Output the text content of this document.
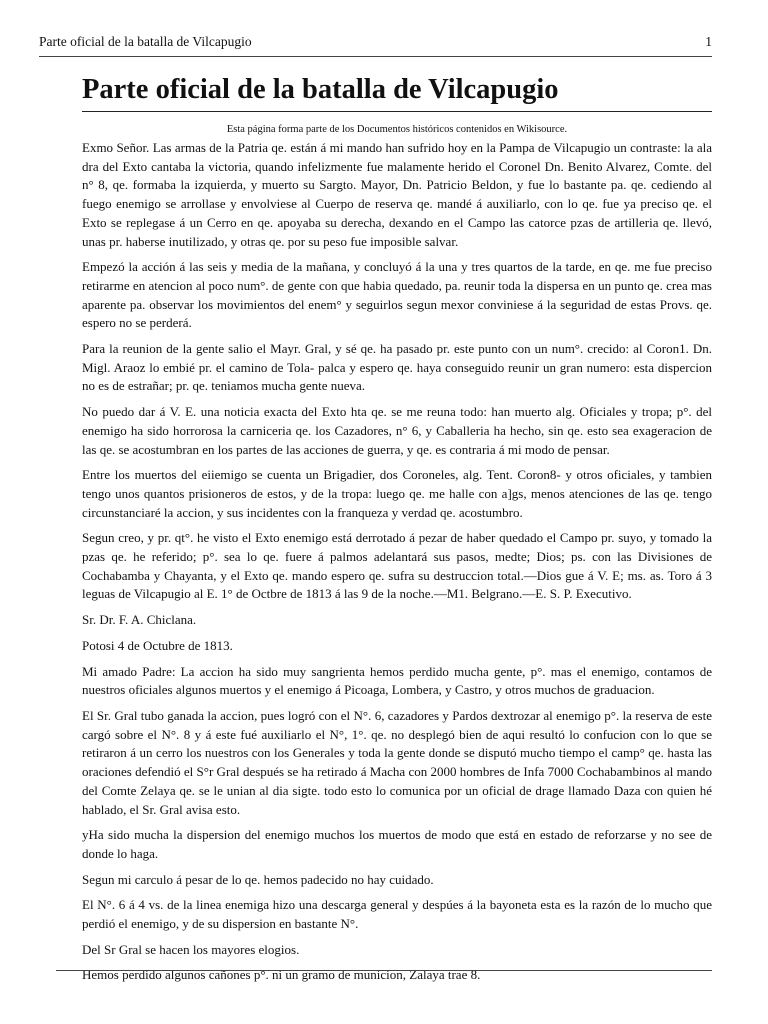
Parte oficial de la batalla de Vilcapugio	1
Parte oficial de la batalla de Vilcapugio
Esta página forma parte de los Documentos históricos contenidos en Wikisource.

Exmo Señor. Las armas de la Patria qe. están á mi mando han sufrido hoy en la Pampa de Vilcapugio un contraste: la ala dra del Exto cantaba la victoria, quando infelizmente fue malamente herido el Coronel Dn. Benito Alvarez, Comte. del n° 8, qe. formaba la izquierda, y muerto su Sargto. Mayor, Dn. Patricio Beldon, y fue lo bastante pa. qe. cediendo al fuego enemigo se arrollase y envolviese al Cuerpo de reserva qe. mandé á auxiliarlo, con lo qe. fue ya preciso qe. el Exto se replegase á un Cerro en qe. apoyaba su derecha, dexando en el Campo las catorce pzas de artilleria qe. llevó, unas pr. haberse inutilizado, y otras qe. por su peso fue imposible salvar.

Empezó la acción á las seis y media de la mañana, y concluyó á la una y tres quartos de la tarde, en qe. me fue preciso retirarme en atencion al poco num°. de gente con que habia quedado, pa. reunir toda la dispersa en un punto qe. crea mas aparente pa. observar los movimientos del enem° y seguirlos segun mexor conviniese á la seguridad de estas Provs. qe. espero no se perderá.

Para la reunion de la gente salio el Mayr. Gral, y sé qe. ha pasado pr. este punto con un num°. crecido: al Coron1. Dn. Migl. Araoz lo embié pr. el camino de Tola- palca y espero qe. haya conseguido reunir un gran numero: esta dispercion no es de estrañar; pr. qe. teniamos mucha gente nueva.

No puedo dar á V. E. una noticia exacta del Exto hta qe. se me reuna todo: han muerto alg. Oficiales y tropa; p°. del enemigo ha sido horrorosa la carniceria qe. los Cazadores, n° 6, y Caballeria ha hecho, sin qe. esto sea exageracion de las qe. se acostumbran en los partes de las acciones de guerra, y qe. es contraria á mi modo de pensar.

Entre los muertos del eiiemigo se cuenta un Brigadier, dos Coroneles, alg. Tent. Coron8- y otros oficiales, y tambien tengo unos quantos prisioneros de estos, y de la tropa: luego qe. me halle con a]gs, menos atenciones de las qe. tengo circunstanciaré la accion, y sus incidentes con la franqueza y verdad qe. acostumbro.

Segun creo, y pr. qt°. he visto el Exto enemigo está derrotado á pezar de haber quedado el Campo pr. suyo, y tomado la pzas qe. he referido; p°. sea lo qe. fuere á palmos adelantará sus pasos, medte; Dios; ps. con las Divisiones de Cochabamba y Chayanta, y el Exto qe. mando espero qe. sufra su destruccion total.—Dios gue á V. E; ms. as. Toro á 3 leguas de Vilcapugio al E. 1° de Octbre de 1813 á las 9 de la noche.—M1. Belgrano.—E. S. P. Executivo.

Sr. Dr. F. A. Chiclana.

Potosi 4 de Octubre de 1813.

Mi amado Padre: La accion ha sido muy sangrienta hemos perdido mucha gente, p°. mas el enemigo, contamos de nuestros oficiales algunos muertos y el enemigo á Picoaga, Lombera, y Castro, y otros muchos de graduacion.

El Sr. Gral tubo ganada la accion, pues logró con el N°. 6, cazadores y Pardos dextrozar al enemigo p°. la reserva de este cargó sobre el N°. 8 y á este fué auxiliarlo el N°, 1°. qe. no desplegó bien de aqui resultó lo confucion con lo que se retiraron á un cerro los nuestros con los Generales y toda la gente donde se disputó mucho tiempo el camp° qe. hasta las oraciones defendió el S°r Gral después se ha retirado á Macha con 2000 hombres de Infa 7000 Cochabambinos al mando del Comte Zelaya qe. se le unian al dia sigte. todo esto lo comunica por un oficial de drage llamado Daza con quien hé hablado, el Sr. Gral avisa esto.

yHa sido mucha la dispersion del enemigo muchos los muertos de modo que está en estado de reforzarse y no see de donde lo haga.

Segun mi carculo á pesar de lo qe. hemos padecido no hay cuidado.

El N°. 6 á 4 vs. de la linea enemiga hizo una descarga general y despúes á la bayoneta esta es la razón de lo mucho que perdió el enemigo, y de su dispersion en bastante N°.

Del Sr Gral se hacen los mayores elogios.

Hemos perdido algunos cañones p°. ni un gramo de municion, Zalaya trae 8.
